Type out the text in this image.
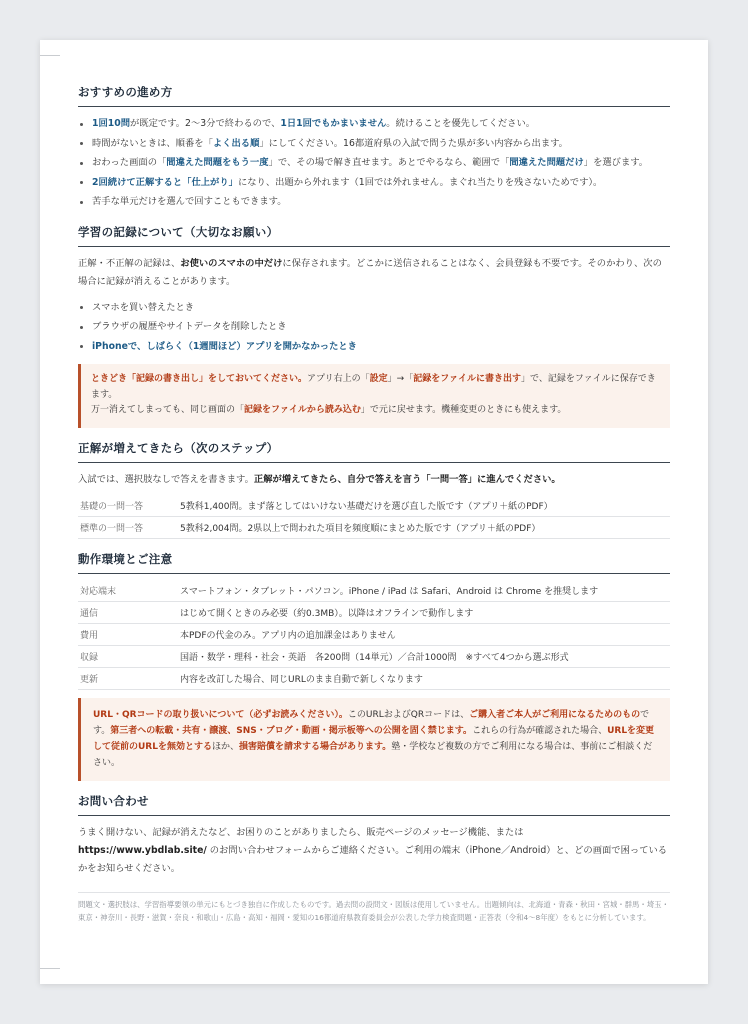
おすすめの進め方
1回10問が既定です。2～3分で終わるので、1日1回でもかまいません。続けることを優先してください。
時間がないときは、順番を「よく出る順」にしてください。16都道府県の入試で問うた県が多い内容から出ます。
おわった画面の「間違えた問題をもう一度」で、その場で解き直せます。あとでやるなら、範囲で「間違えた問題だけ」を選びます。
2回続けて正解すると「仕上がり」になり、出題から外れます（1回では外れません。まぐれ当たりを残さないためです）。
苦手な単元だけを選んで回すこともできます。
学習の記録について（大切なお願い）

正解・不正解の記録は、お使いのスマホの中だけに保存されます。どこかに送信されることはなく、会員登録も不要です。そのかわり、次の場合に記録が消えることがあります。

スマホを買い替えたとき
ブラウザの履歴やサイトデータを削除したとき
iPhoneで、しばらく（1週間ほど）アプリを開かなかったとき
ときどき「記録の書き出し」をしておいてください。アプリ右上の「設定」→「記録をファイルに書き出す」で、記録をファイルに保存できます。
万一消えてしまっても、同じ画面の「記録をファイルから読み込む」で元に戻せます。機種変更のときにも使えます。
正解が増えてきたら（次のステップ）

入試では、選択肢なしで答えを書きます。正解が増えてきたら、自分で答えを言う「一問一答」に進んでください。

基礎の一問一答	5教科1,400問。まず落としてはいけない基礎だけを選び直した版です（アプリ＋紙のPDF）
標準の一問一答	5教科2,004問。2県以上で問われた項目を頻度順にまとめた版です（アプリ＋紙のPDF）
動作環境とご注意
対応端末	スマートフォン・タブレット・パソコン。iPhone / iPad は Safari、Android は Chrome を推奨します
通信	はじめて開くときのみ必要（約0.3MB）。以降はオフラインで動作します
費用	本PDFの代金のみ。アプリ内の追加課金はありません
収録	国語・数学・理科・社会・英語　各200問（14単元）／合計1000問　※すべて4つから選ぶ形式
更新	内容を改訂した場合、同じURLのまま自動で新しくなります
URL・QRコードの取り扱いについて（必ずお読みください）。このURLおよびQRコードは、ご購入者ご本人がご利用になるためのものです。第三者への転載・共有・譲渡、SNS・ブログ・動画・掲示板等への公開を固く禁じます。これらの行為が確認された場合、URLを変更して従前のURLを無効とするほか、損害賠償を請求する場合があります。塾・学校など複数の方でご利用になる場合は、事前にご相談ください。
お問い合わせ

うまく開けない、記録が消えたなど、お困りのことがありましたら、販売ページのメッセージ機能、または
https://www.ybdlab.site/ のお問い合わせフォームからご連絡ください。ご利用の端末（iPhone／Android）と、どの画面で困っているかをお知らせください。

問題文・選択肢は、学習指導要領の単元にもとづき独自に作成したものです。過去問の設問文・図版は使用していません。出題傾向は、北海道・青森・秋田・宮城・群馬・埼玉・東京・神奈川・長野・滋賀・奈良・和歌山・広島・高知・福岡・愛知の16都道府県教育委員会が公表した学力検査問題・正答表（令和4～8年度）をもとに分析しています。
